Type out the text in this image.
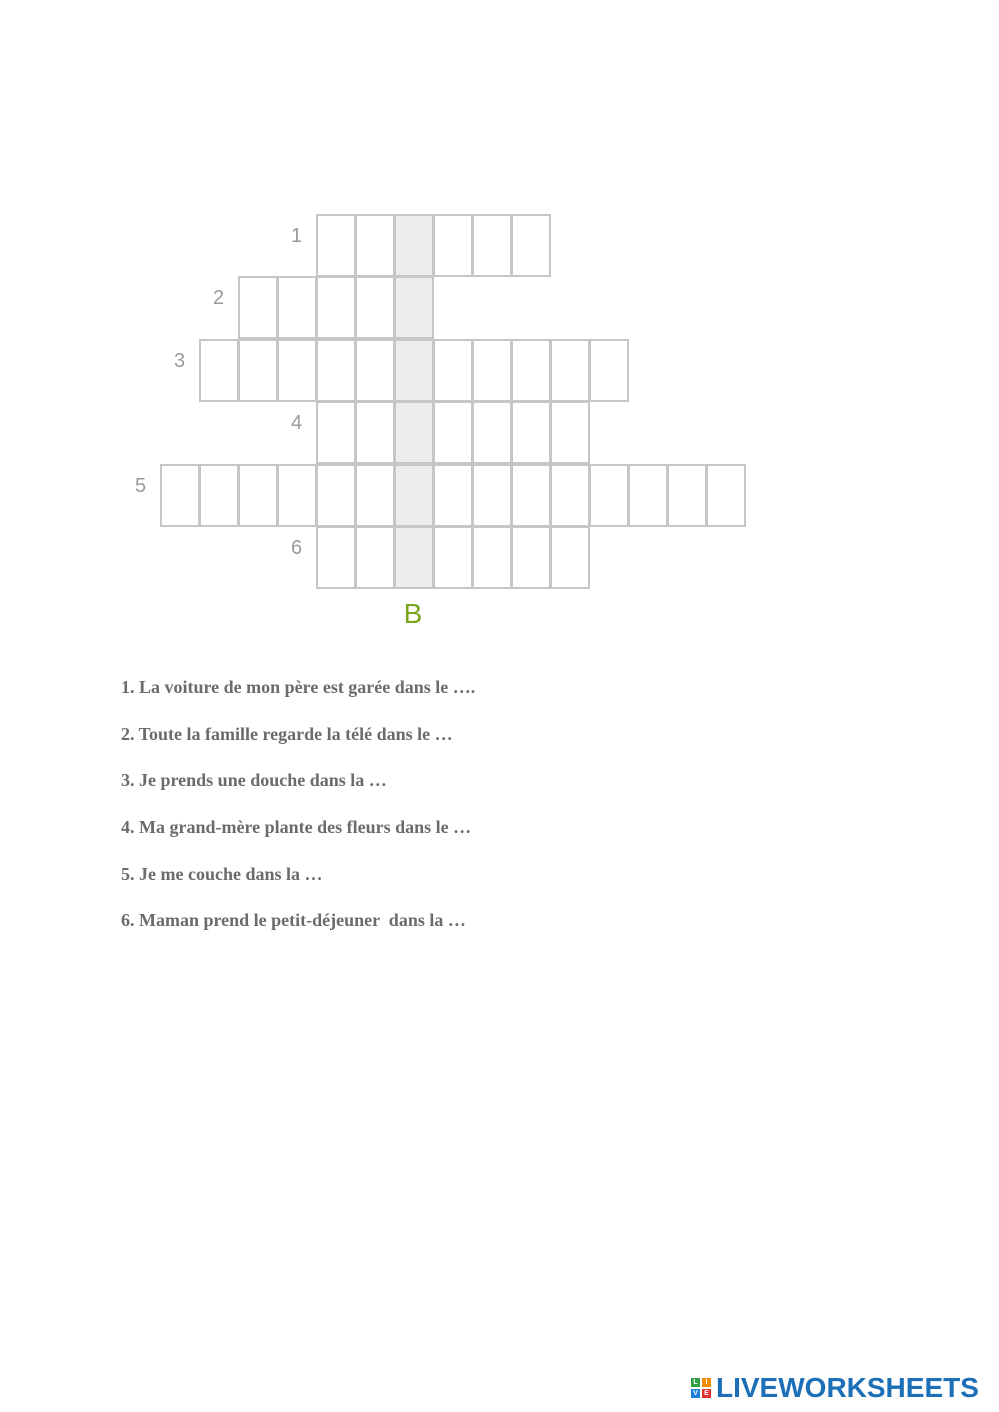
1
2
3
4
5
6
B
1. La voiture de mon père est garée dans le ….
2. Toute la famille regarde la télé dans le …
3. Je prends une douche dans la …
4. Ma grand-mère plante des fleurs dans le …
5. Je me couche dans la …
6. Maman prend le petit-déjeuner  dans la …
L	I
V E LIVEWORKSHEETS
